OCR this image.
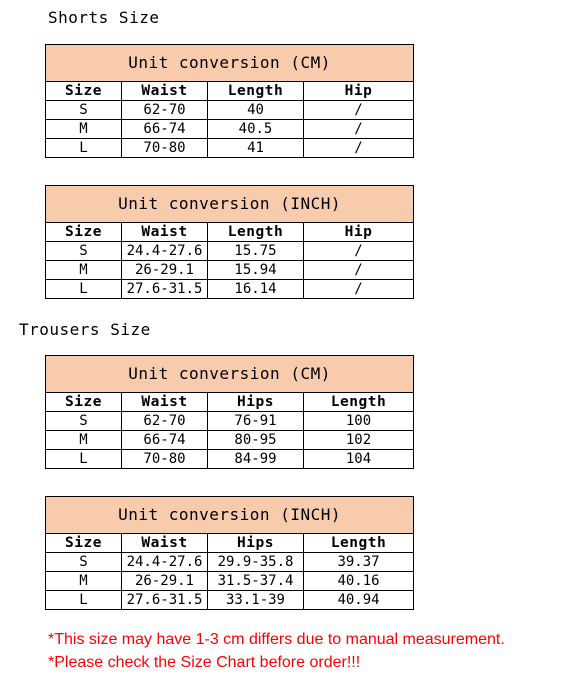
Shorts Size
Unit conversion (CM)			
Size	Waist	Length	Hip
S	62-70	40	/
M	66-74	40.5	/
L	70-80	41	/
Unit conversion (INCH)			
Size	Waist	Length	Hip
S	24.4-27.6	15.75	/
M	26-29.1	15.94	/
L	27.6-31.5	16.14	/
Trousers Size
Unit conversion (CM)			
Size	Waist	Hips	Length
S	62-70	76-91	100
M	66-74	80-95	102
L	70-80	84-99	104
Unit conversion (INCH)			
Size	Waist	Hips	Length
S	24.4-27.6	29.9-35.8	39.37
M	26-29.1	31.5-37.4	40.16
L	27.6-31.5	33.1-39	40.94
*This size may have 1-3 cm differs due to manual measurement.
*Please check the Size Chart before order!!!
